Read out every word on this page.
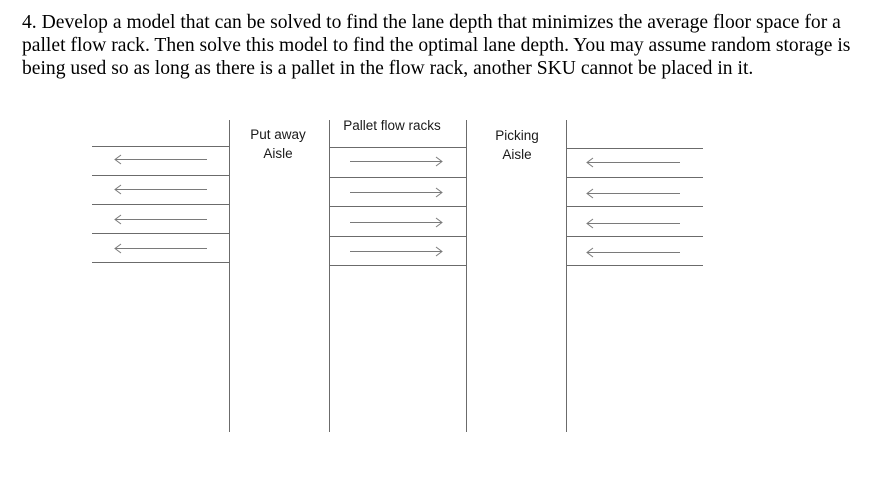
4. Develop a model that can be solved to find the lane depth that minimizes the average floor space for a
pallet flow rack. Then solve this model to find the optimal lane depth. You may assume random storage is
being used so as long as there is a pallet in the flow rack, another SKU cannot be placed in it.

Put away
Aisle
Pallet flow racks
Picking
Aisle
